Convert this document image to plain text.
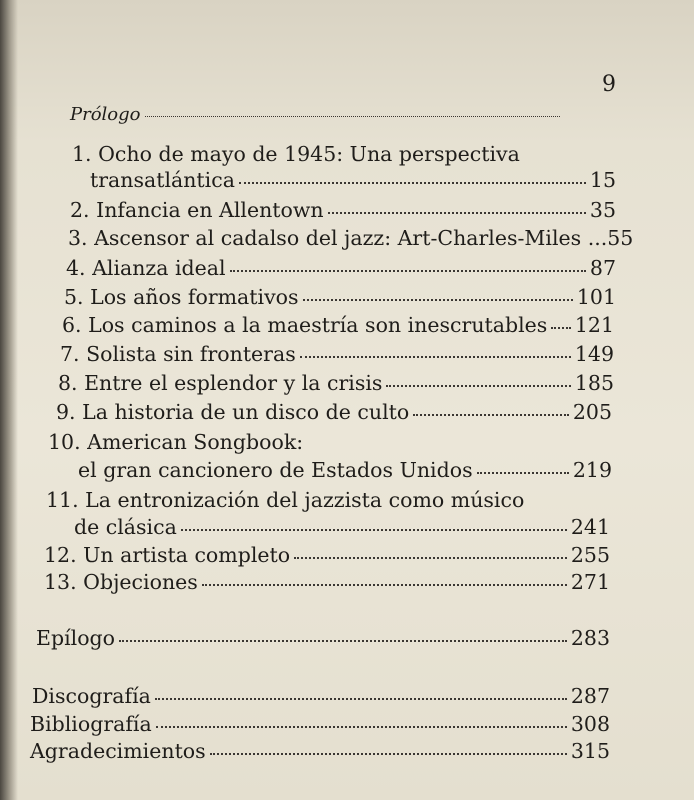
Prólogo
9
1. Ocho de mayo de 1945: Una perspectiva
transatlántica	15
2.
Infancia en Allentown	35
3.
Ascensor al cadalso del jazz: Art-Charles-Miles ... 55
4.
Alianza ideal	87
5.
Los años formativos	101
6.
Los caminos a la maestría son inescrutables 121
7.
Solista sin fronteras	149
8.
Entre el esplendor y la crisis	185
9.
La historia de un disco de culto	205
10. American Songbook:
el gran cancionero de Estados Unidos	219
11. La entronización del jazzista como músico
de clásica	241
12.
Un artista completo	255
13.
Objeciones	271
Epílogo	283
Discografía	287
Bibliografía	308
Agradecimientos	315
